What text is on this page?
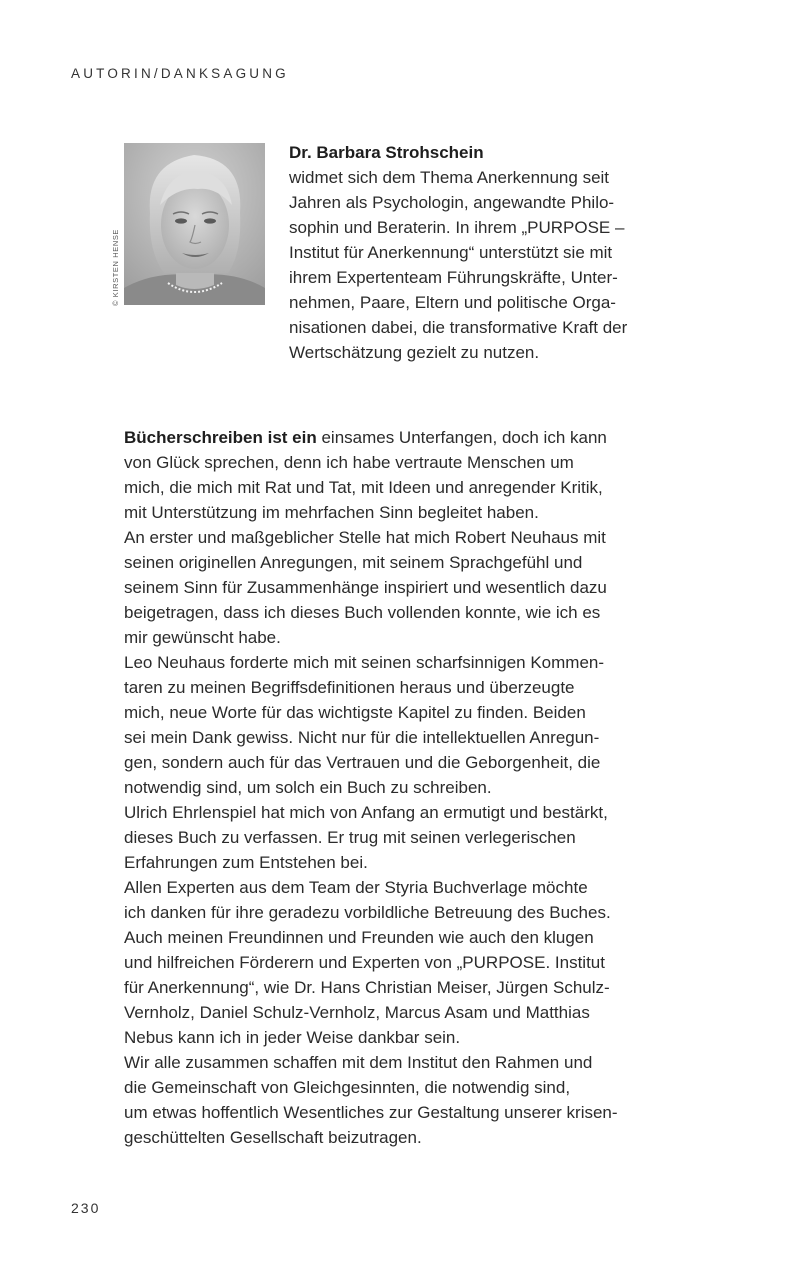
AUTORIN/DANKSAGUNG
© KIRSTEN HENSE
Dr. Barbara Strohschein
widmet sich dem Thema Anerkennung seit
Jahren als Psychologin, angewandte Philo-
sophin und Beraterin. In ihrem „PURPOSE –
Institut für Anerkennung“ unterstützt sie mit
ihrem Expertenteam Führungskräfte, Unter-
nehmen, Paare, Eltern und politische Orga-
nisationen dabei, die transformative Kraft der
Wertschätzung gezielt zu nutzen.
Bücherschreiben ist ein einsames Unterfangen, doch ich kann
von Glück sprechen, denn ich habe vertraute Menschen um
mich, die mich mit Rat und Tat, mit Ideen und anregender Kritik,
mit Unterstützung im mehrfachen Sinn begleitet haben.
An erster und maßgeblicher Stelle hat mich Robert Neuhaus mit
seinen originellen Anregungen, mit seinem Sprachgefühl und
seinem Sinn für Zusammenhänge inspiriert und wesentlich dazu
beigetragen, dass ich dieses Buch vollenden konnte, wie ich es
mir gewünscht habe.
Leo Neuhaus forderte mich mit seinen scharfsinnigen Kommen-
taren zu meinen Begriffsdefinitionen heraus und überzeugte
mich, neue Worte für das wichtigste Kapitel zu finden. Beiden
sei mein Dank gewiss. Nicht nur für die intellektuellen Anregun-
gen, sondern auch für das Vertrauen und die Geborgenheit, die
notwendig sind, um solch ein Buch zu schreiben.
Ulrich Ehrlenspiel hat mich von Anfang an ermutigt und bestärkt,
dieses Buch zu verfassen. Er trug mit seinen verlegerischen
Erfahrungen zum Entstehen bei.
Allen Experten aus dem Team der Styria Buchverlage möchte
ich danken für ihre geradezu vorbildliche Betreuung des Buches.
Auch meinen Freundinnen und Freunden wie auch den klugen
und hilfreichen Förderern und Experten von „PURPOSE. Institut
für Anerkennung“, wie Dr. Hans Christian Meiser, Jürgen Schulz-
Vernholz, Daniel Schulz-Vernholz, Marcus Asam und Matthias
Nebus kann ich in jeder Weise dankbar sein.
Wir alle zusammen schaffen mit dem Institut den Rahmen und
die Gemeinschaft von Gleichgesinnten, die notwendig sind,
um etwas hoffentlich Wesentliches zur Gestaltung unserer krisen-
geschüttelten Gesellschaft beizutragen.
230
